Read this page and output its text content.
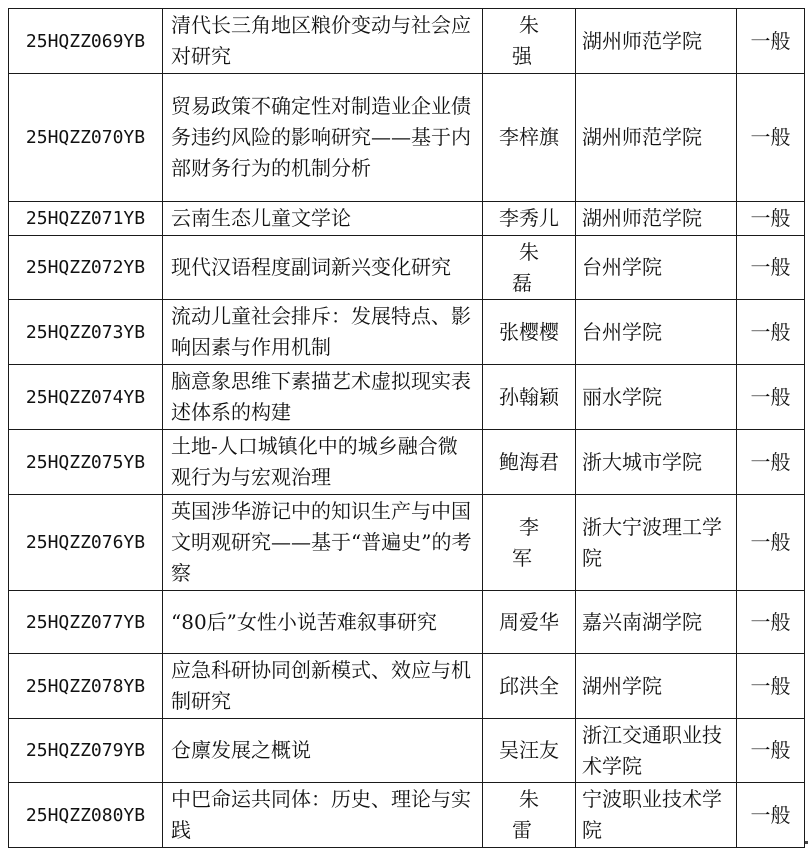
25HQZZ069YB	清代长三角地区粮价变动与社会应对研究	朱强	湖州师范学院	一般
25HQZZ070YB	贸易政策不确定性对制造业企业债务违约风险的影响研究——基于内部财务行为的机制分析	李梓旗	湖州师范学院	一般
25HQZZ071YB	云南生态儿童文学论	李秀儿	湖州师范学院	一般
25HQZZ072YB	现代汉语程度副词新兴变化研究	朱磊	台州学院	一般
25HQZZ073YB	流动儿童社会排斥：发展特点、影响因素与作用机制	张樱樱	台州学院	一般
25HQZZ074YB	脑意象思维下素描艺术虚拟现实表述体系的构建	孙翰颖	丽水学院	一般
25HQZZ075YB	土地-人口城镇化中的城乡融合微观行为与宏观治理	鲍海君	浙大城市学院	一般
25HQZZ076YB	英国涉华游记中的知识生产与中国文明观研究——基于“普遍史”的考察	李军	浙大宁波理工学院	一般
25HQZZ077YB	“80后”女性小说苦难叙事研究	周爱华	嘉兴南湖学院	一般
25HQZZ078YB	应急科研协同创新模式、效应与机制研究	邱洪全	湖州学院	一般
25HQZZ079YB	仓廪发展之概说	吴汪友	浙江交通职业技术学院	一般
25HQZZ080YB	中巴命运共同体：历史、理论与实践	朱雷	宁波职业技术学院	一般
